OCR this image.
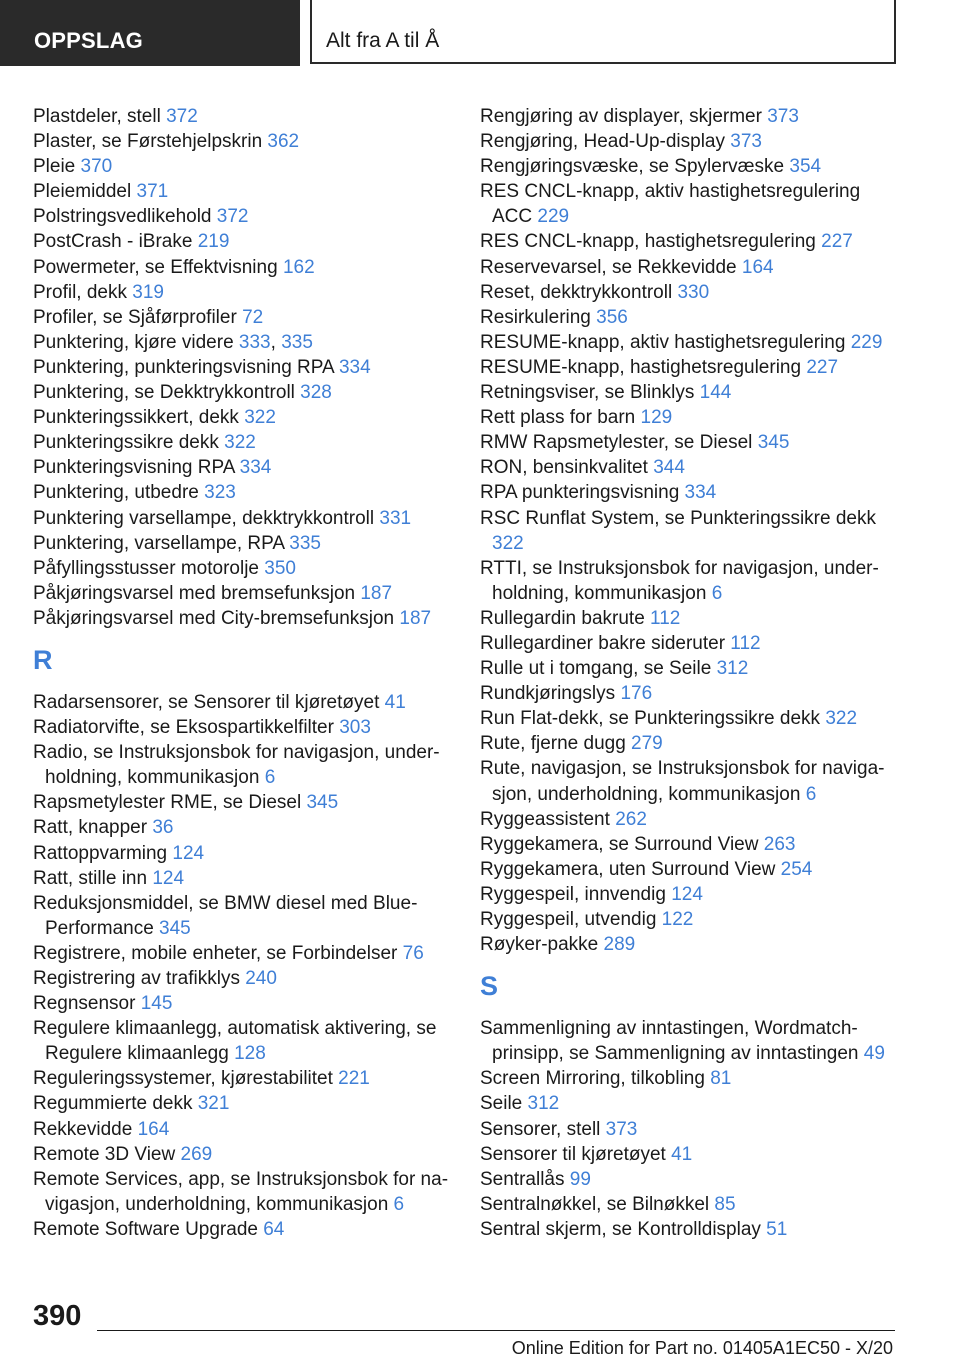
OPPSLAG	Alt fra A til Å
Plastdeler, stell 372
Plaster, se Førstehjelpskrin 362
Pleie 370
Pleiemiddel 371
Polstringsvedlikehold 372
PostCrash - iBrake 219
Powermeter, se Effektvisning 162
Profil, dekk 319
Profiler, se Sjåførprofiler 72
Punktering, kjøre videre 333, 335
Punktering, punkteringsvisning RPA 334
Punktering, se Dekktrykkontroll 328
Punkteringssikkert, dekk 322
Punkteringssikre dekk 322
Punkteringsvisning RPA 334
Punktering, utbedre 323
Punktering varsellampe, dekktrykkontroll 331
Punktering, varsellampe, RPA 335
Påfyllingsstusser motorolje 350
Påkjøringsvarsel med bremsefunksjon 187
Påkjøringsvarsel med City-bremsefunksjon 187
R
Radarsensorer, se Sensorer til kjøretøyet 41
Radiatorvifte, se Eksospartikkelfilter 303
Radio, se Instruksjonsbok for navigasjon, underholdning, kommunikasjon 6
Rapsmetylester RME, se Diesel 345
Ratt, knapper 36
Rattoppvarming 124
Ratt, stille inn 124
Reduksjonsmiddel, se BMW diesel med BluePerformance 345
Registrere, mobile enheter, se Forbindelser 76
Registrering av trafikklys 240
Regnsensor 145
Regulere klimaanlegg, automatisk aktivering, se Regulere klimaanlegg 128
Reguleringssystemer, kjørestabilitet 221
Regummierte dekk 321
Rekkevidde 164
Remote 3D View 269
Remote Services, app, se Instruksjonsbok for navigasjon, underholdning, kommunikasjon 6
Remote Software Upgrade 64
Rengjøring av displayer, skjermer 373
Rengjøring, Head-Up-display 373
Rengjøringsvæske, se Spylervæske 354
RES CNCL-knapp, aktiv hastighetsregulering ACC 229
RES CNCL-knapp, hastighetsregulering 227
Reservevarsel, se Rekkevidde 164
Reset, dekktrykkontroll 330
Resirkulering 356
RESUME-knapp, aktiv hastighetsregulering 229
RESUME-knapp, hastighetsregulering 227
Retningsviser, se Blinklys 144
Rett plass for barn 129
RMW Rapsmetylester, se Diesel 345
RON, bensinkvalitet 344
RPA punkteringsvisning 334
RSC Runflat System, se Punkteringssikre dekk 322
RTTI, se Instruksjonsbok for navigasjon, underholdning, kommunikasjon 6
Rullegardin bakrute 112
Rullegardiner bakre sideruter 112
Rulle ut i tomgang, se Seile 312
Rundkjøringslys 176
Run Flat-dekk, se Punkteringssikre dekk 322
Rute, fjerne dugg 279
Rute, navigasjon, se Instruksjonsbok for navigasjon, underholdning, kommunikasjon 6
Ryggeassistent 262
Ryggekamera, se Surround View 263
Ryggekamera, uten Surround View 254
Ryggespeil, innvendig 124
Ryggespeil, utvendig 122
Røyker-pakke 289
S
Sammenligning av inntastingen, Wordmatch-prinsipp, se Sammenligning av inntastingen 49
Screen Mirroring, tilkobling 81
Seile 312
Sensorer, stell 373
Sensorer til kjøretøyet 41
Sentrallås 99
Sentralnøkkel, se Bilnøkkel 85
Sentral skjerm, se Kontrolldisplay 51
390
Online Edition for Part no. 01405A1EC50 - X/20
